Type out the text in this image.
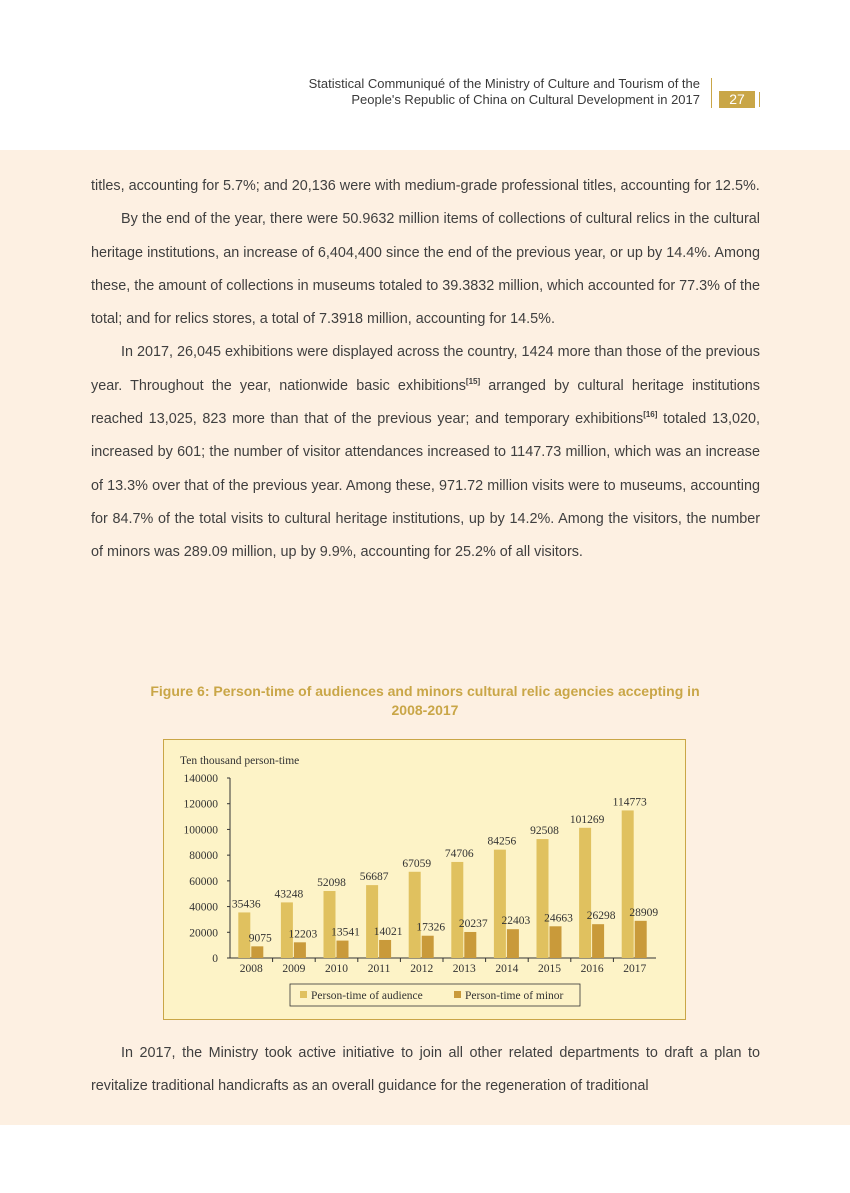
Statistical Communiqué of the Ministry of Culture and Tourism of the
People's Republic of China on Cultural Development in 2017	27

titles, accounting for 5.7%; and 20,136 were with medium-grade professional titles, accounting for 12.5%.

By the end of the year, there were 50.9632 million items of collections of cultural relics in the cultural heritage institutions, an increase of 6,404,400 since the end of the previous year, or up by 14.4%. Among these, the amount of collections in museums totaled to 39.3832 million, which accounted for 77.3% of the total; and for relics stores, a total of 7.3918 million, accounting for 14.5%.

In 2017, 26,045 exhibitions were displayed across the country, 1424 more than those of the previous year. Throughout the year, nationwide basic exhibitions[15] arranged by cultural heritage institutions reached 13,025, 823 more than that of the previous year; and temporary exhibitions[16] totaled 13,020, increased by 601; the number of visitor attendances increased to 1147.73 million, which was an increase of 13.3% over that of the previous year. Among these, 971.72 million visits were to museums, accounting for 84.7% of the total visits to cultural heritage institutions, up by 14.2%. Among the visitors, the number of minors was 289.09 million, up by 9.9%, accounting for 25.2% of all visitors.

Figure 6: Person-time of audiences and minors cultural relic agencies accepting in
2008-2017
Ten thousand person-time
0
20000
40000
60000
80000
100000
120000
140000
2008
35436
9075
2009
43248
12203
2010
52098
13541
2011
56687
14021
2012
67059
17326
2013
74706
20237
2014
84256
22403
2015
92508
24663
2016
101269
26298
2017
114773
28909
Person-time of audience	Person-time of minor

In 2017, the Ministry took active initiative to join all other related departments to draft a plan to revitalize traditional handicrafts as an overall guidance for the regeneration of traditional
